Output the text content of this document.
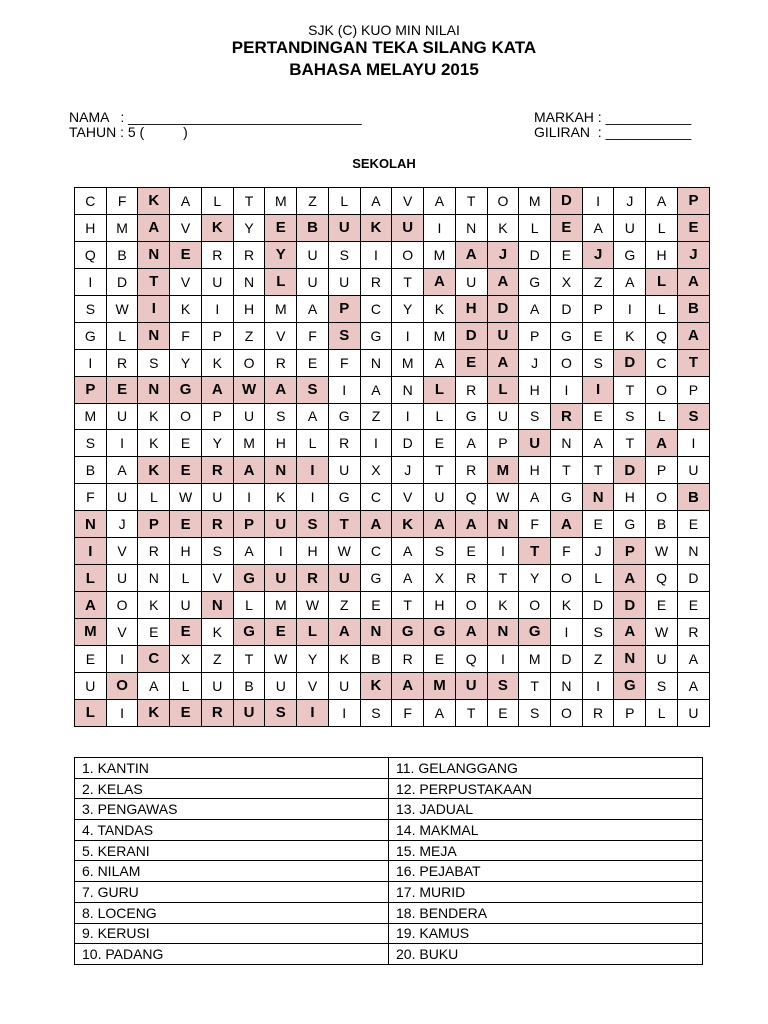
SJK (C) KUO MIN NILAI
PERTANDINGAN TEKA SILANG KATA
BAHASA MELAYU 2015
NAMA   : ______________________________
TAHUN : 5 (          )
MARKAH : ___________
GILIRAN  : ___________
SEKOLAH
C	F	K	A	L	T	M	Z	L	A	V	A	T	O	M	D	I	J	A	P
H	M	A	V	K	Y	E	B	U	K	U	I	N	K	L	E	A	U	L	E
Q	B	N	E	R	R	Y	U	S	I	O	M	A	J	D	E	J	G	H	J
I	D	T	V	U	N	L	U	U	R	T	A	U	A	G	X	Z	A	L	A
S	W	I	K	I	H	M	A	P	C	Y	K	H	D	A	D	P	I	L	B
G	L	N	F	P	Z	V	F	S	G	I	M	D	U	P	G	E	K	Q	A
I	R	S	Y	K	O	R	E	F	N	M	A	E	A	J	O	S	D	C	T
P	E	N	G	A	W	A	S	I	A	N	L	R	L	H	I	I	T	O	P
M	U	K	O	P	U	S	A	G	Z	I	L	G	U	S	R	E	S	L	S
S	I	K	E	Y	M	H	L	R	I	D	E	A	P	U	N	A	T	A	I
B	A	K	E	R	A	N	I	U	X	J	T	R	M	H	T	T	D	P	U
F	U	L	W	U	I	K	I	G	C	V	U	Q	W	A	G	N	H	O	B
N	J	P	E	R	P	U	S	T	A	K	A	A	N	F	A	E	G	B	E
I	V	R	H	S	A	I	H	W	C	A	S	E	I	T	F	J	P	W	N
L	U	N	L	V	G	U	R	U	G	A	X	R	T	Y	O	L	A	Q	D
A	O	K	U	N	L	M	W	Z	E	T	H	O	K	O	K	D	D	E	E
M	V	E	E	K	G	E	L	A	N	G	G	A	N	G	I	S	A	W	R
E	I	C	X	Z	T	W	Y	K	B	R	E	Q	I	M	D	Z	N	U	A
U	O	A	L	U	B	U	V	U	K	A	M	U	S	T	N	I	G	S	A
L	I	K	E	R	U	S	I	I	S	F	A	T	E	S	O	R	P	L	U
1. KANTIN	11. GELANGGANG
2. KELAS	12. PERPUSTAKAAN
3. PENGAWAS	13. JADUAL
4. TANDAS	14. MAKMAL
5. KERANI	15. MEJA
6. NILAM	16. PEJABAT
7. GURU	17. MURID
8. LOCENG	18. BENDERA
9. KERUSI	19. KAMUS
10. PADANG	20. BUKU
